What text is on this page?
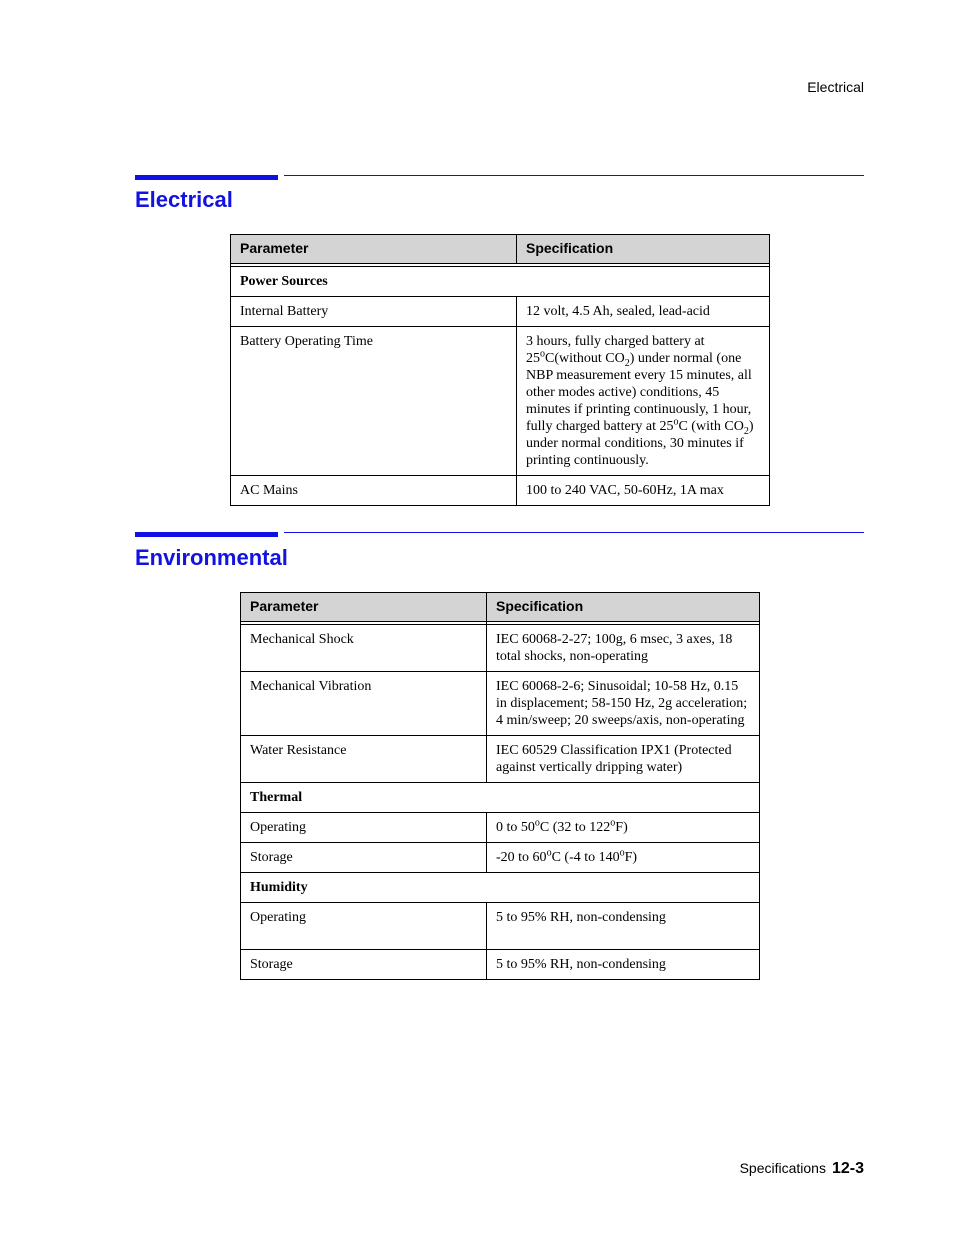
Electrical
Electrical
Parameter	Specification

Power Sources	
Internal Battery	12 volt, 4.5 Ah, sealed, lead-acid
Battery Operating Time	3 hours, fully charged battery at 25$^o$C(without $CO_2$) under normal (one NBP measurement every 15 minutes, all other modes active) conditions, 45 minutes if printing continuously, 1 hour, fully charged battery at 25$^o$C (with $CO_2$) under normal conditions, 30 minutes if printing continuously.
AC Mains	100 to 240 VAC, 50-60Hz, 1A max
Environmental
Parameter	Specification

Mechanical Shock	IEC 60068-2-27; 100g, 6 msec, 3 axes, 18 total shocks, non-operating
Mechanical Vibration	IEC 60068-2-6; Sinusoidal; 10-58 Hz, 0.15 in displacement; 58-150 Hz, 2g acceleration; 4 min/sweep; 20 sweeps/axis, non-operating
Water Resistance	IEC 60529 Classification IPX1 (Protected against vertically dripping water)
Thermal	
Operating	0 to 50$^o$C (32 to 122$^o$F)
Storage	-20 to 60$^o$C (-4 to 140$^o$F)
Humidity	
Operating	5 to 95% RH, non-condensing
Storage	5 to 95% RH, non-condensing
Specifications 12-3
